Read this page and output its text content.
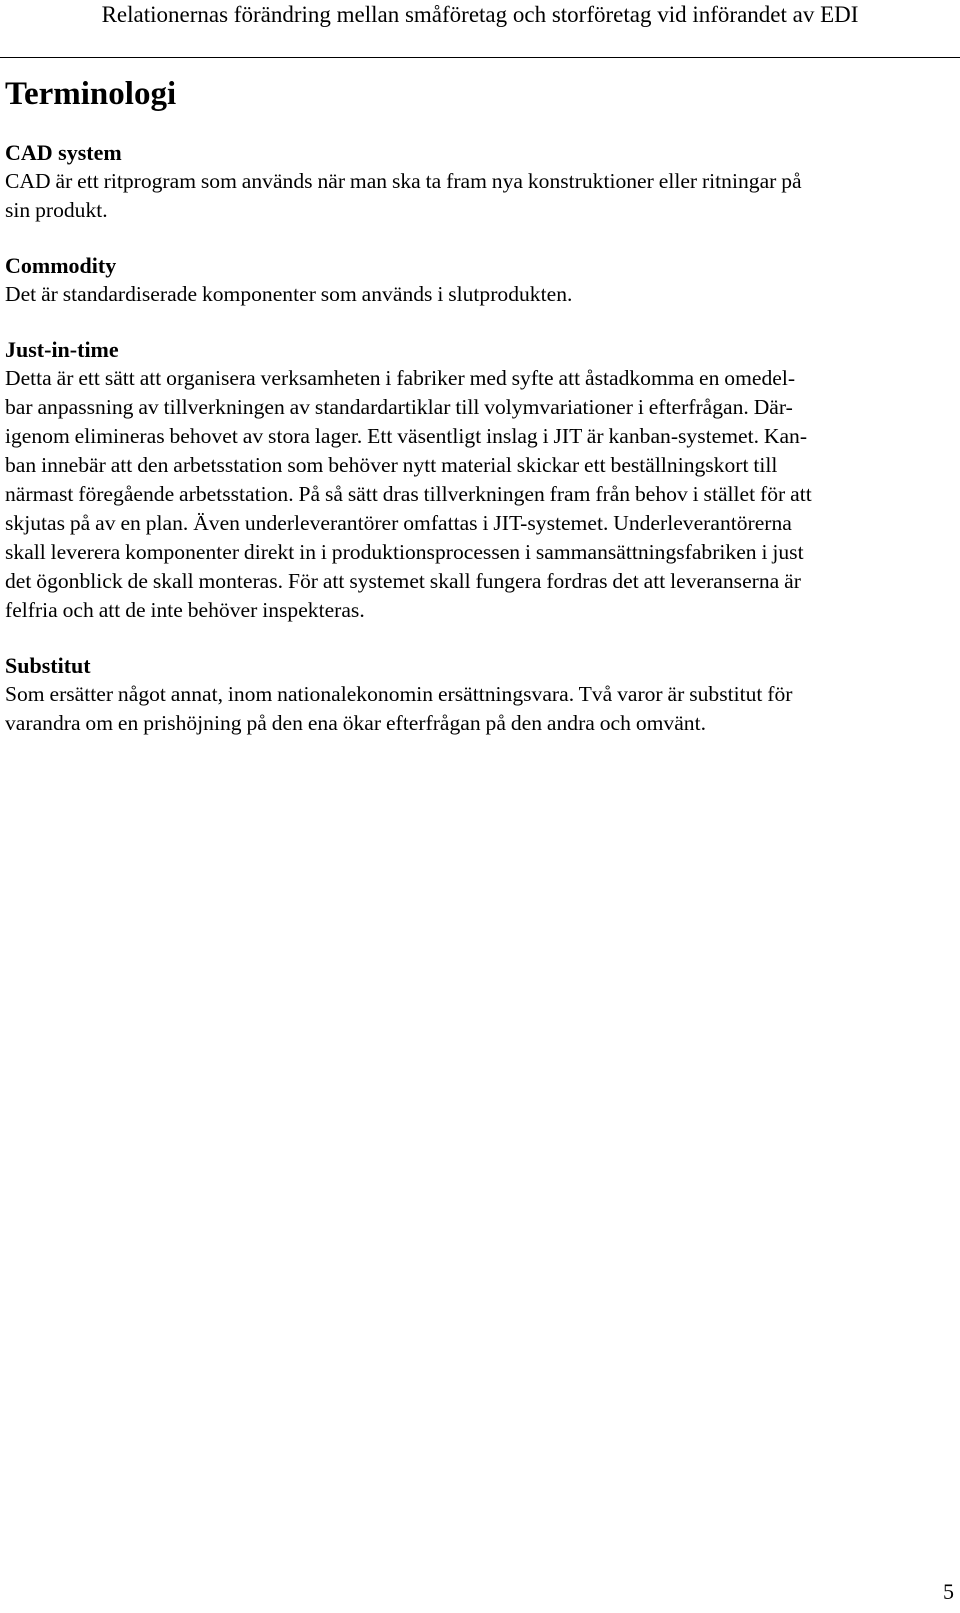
Relationernas förändring mellan småföretag och storföretag vid införandet av EDI
Terminologi

CAD system

CAD är ett ritprogram som används när man ska ta fram nya konstruktioner eller ritningar på
sin produkt.

Commodity

Det är standardiserade komponenter som används i slutprodukten.

Just-in-time

Detta är ett sätt att organisera verksamheten i fabriker med syfte att åstadkomma en omedel-
bar anpassning av tillverkningen av standardartiklar till volymvariationer i efterfrågan. Där-
igenom elimineras behovet av stora lager. Ett väsentligt inslag i JIT är kanban-systemet. Kan-
ban innebär att den arbetsstation som behöver nytt material skickar ett beställningskort till
närmast föregående arbetsstation. På så sätt dras tillverkningen fram från behov i stället för att
skjutas på av en plan. Även underleverantörer omfattas i JIT-systemet. Underleverantörerna
skall leverera komponenter direkt in i produktionsprocessen i sammansättningsfabriken i just
det ögonblick de skall monteras. För att systemet skall fungera fordras det att leveranserna är
felfria och att de inte behöver inspekteras.

Substitut

Som ersätter något annat, inom nationalekonomin ersättningsvara. Två varor är substitut för
varandra om en prishöjning på den ena ökar efterfrågan på den andra och omvänt.

5
